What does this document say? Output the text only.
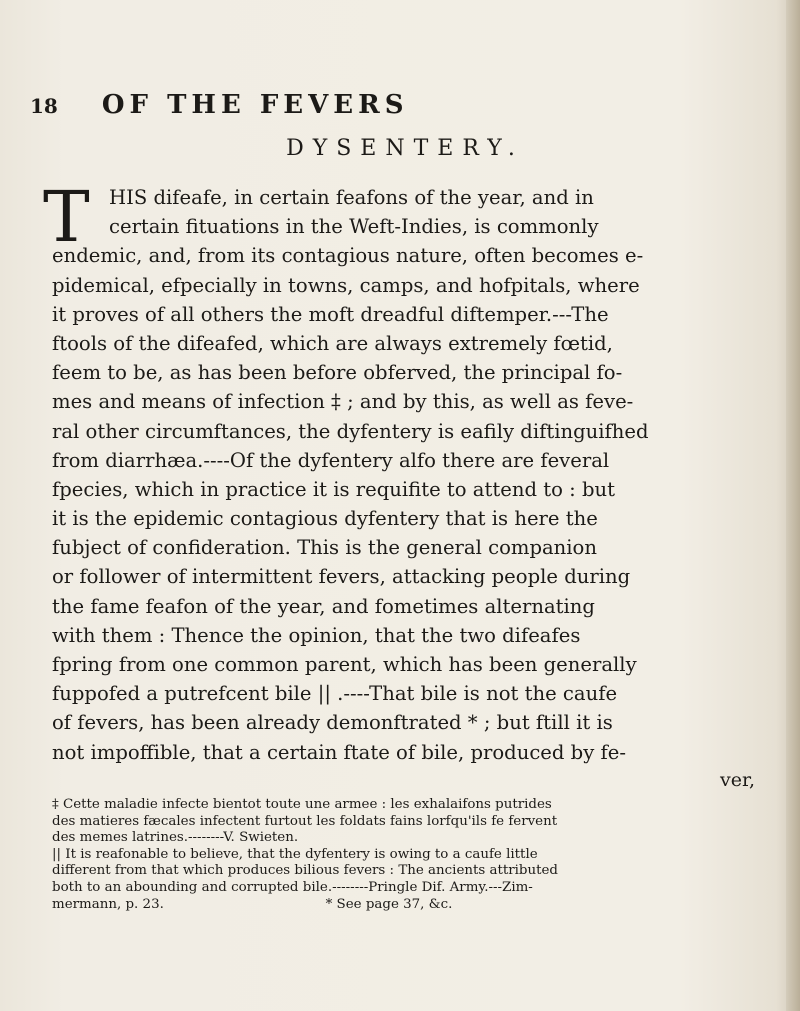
18 OF THE FEVERS
DYSENTERY.
T HIS difeafe, in certain feafons of the year, and in
certain fituations in the Weft-Indies, is commonly
endemic, and, from its contagious nature, often becomes e-
pidemical, efpecially in towns, camps, and hofpitals, where
it proves of all others the moft dreadful diftemper.---The
ftools of the difeafed, which are always extremely fœtid,
feem to be, as has been before obferved, the principal fo-
mes and means of infection ‡ ; and by this, as well as feve-
ral other circumftances, the dyfentery is eafily diftinguifhed
from diarrhæa.----Of the dyfentery alfo there are feveral
fpecies, which in practice it is requifite to attend to : but
it is the epidemic contagious dyfentery that is here the
fubject of confideration. This is the general companion
or follower of intermittent fevers, attacking people during
the fame feafon of the year, and fometimes alternating
with them : Thence the opinion, that the two difeafes
fpring from one common parent, which has been generally
fuppofed a putrefcent bile || .----That bile is not the caufe
of fevers, has been already demonftrated * ; but ftill it is
not impoffible, that a certain ftate of bile, produced by fe-
ver,
‡ Cette maladie infecte bientot toute une armee : les exhalaifons putrides
des matieres fæcales infectent furtout les foldats fains lorfqu'ils fe fervent
des memes latrines.--------V. Swieten.
|| It is reafonable to believe, that the dyfentery is owing to a caufe little
different from that which produces bilious fevers : The ancients attributed
both to an abounding and corrupted bile.--------Pringle Dif. Army.---Zim-
mermann, p. 23.                                      * See page 37, &c.
